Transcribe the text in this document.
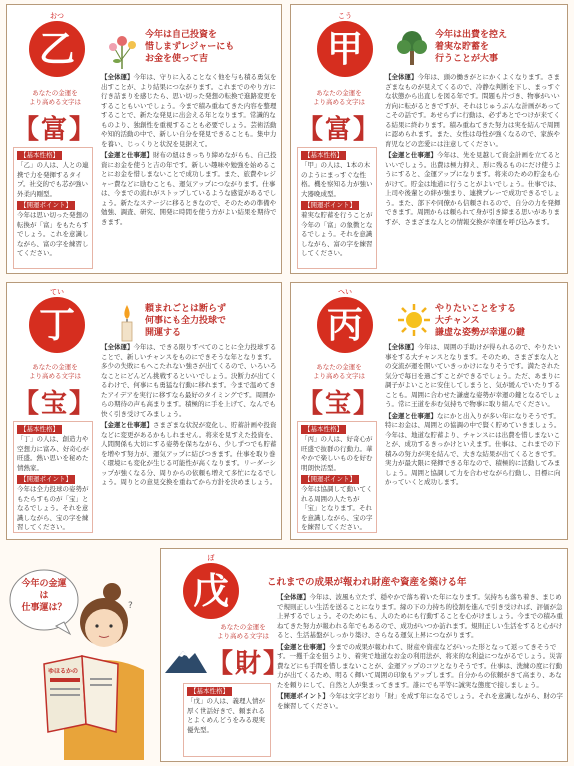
おつ
乙	今年は自己投資を
惜しまずレジャーにも
お金を使って吉
あなたの金運を
より高める文字は
【富】

【基本性格】
「乙」の人は、人との連携で力を発揮するタイプ。社交的でも芯が強い外柔内剛型。

【開運ポイント】
今年は思い切った発想の転換が「富」をもたらすでしょう。これを意識しながら、富の字を練習してください。

【全体運】今年は、守りに入ることなく他を与も積る勇気を出すことが、より結果につながります。これまでのやり方に行き詰まりを感じたら、思い切った発想の転換で進路変更をすることもいいでしょう。今まで積み重ねてきた内容を整理することで、新たな発見に出会える年となります。常識的なものより、独創性を重視することも必要でしょう。芸術活動や知的活動の中で、新しい自分を発見できることも。集中力を養い、じっくりと状況を見据えて。

【金運と仕事運】財布の紐はきっちり締めながらも、自己投資にお金を使うと吉の年です。新しい趣味や勉強を始めることにお金を惜しまないことで成功します。また、旅費やレジャー費などに励むことも、運気アップにつながります。仕事は、今までの流れがストップしているような感覚があるでしょう。新たなステージに移るときなので、そのための準備や勉強、調査、研究、開発に時間を使う方がよい結果を期待できます。

こう
甲	今年は出費を控え
着実な貯蓄を
行うことが大事
あなたの金運を
より高める文字は
【富】

【基本性格】
「甲」の人は、1本の木のようにまっすぐな性格。機を察知る力が強い大器晩成型。

【開運ポイント】
着実な貯蓄を行うことが今年の「富」の象徴となるでしょう。それを意識しながら、富の字を練習してください。

【全体運】今年は、頭の働きがとにかくよくなります。さまざまなものが見えてくるので、冷静な判断を下し、まっすぐな状態から出直しを図る年です。問題も片づき、物事がいい方向に転がるときですが、それはじゅうぶんな計画があってこその話です。あせらずに行動は、必ずあとでつけが来てくる結果に終わります。積み重ねてきた努力は実を結んで周囲に認められます。また、女性は母性が強くなるので、家族や育児などの恋愛には注意してください。

【金運と仕事運】今年は、先を見越して資金計画を立てるといいでしょう。出費は極力抑え、形に残るものにだけ使うようにすると、金運アップになります。将来のための貯金も心がけて。貯金は地道に行うことがよいでしょう。仕事では、上司や後輩との絆が強まり、連携プレーで成功できるでしょう。また、部下や同僚から信頼されるので、自分の力を発揮できます。周囲からは頼られて身が引き締まる思いがありますが、さまざまな人との情報交換が幸運を呼び込みます。

てい
丁	頼まれごとは断らず
何事にも全力投球で
開運する
あなたの金運を
より高める文字は
【宝】

【基本性格】
「丁」の人は、創造力や空想力に富み、好奇心が旺盛。熱い思いを秘めた情熱家。

【開運ポイント】
今年は全力投球の姿勢がもたらすものが「宝」となるでしょう。それを意識しながら、宝の字を練習してください。

【全体運】今年は、できる限りすべてのことに全力投球することで、新しいチャンスをものにできそうな年となります。多少の失敗にもへこたれない強さが出てくるので、いろいろなことにどんどん挑戦するといいでしょう。決断力が出てくるわけで、何事にも勇猛な行動に移れます。今まで温めてきたアイデアを実行に移すなら最好のタイミングです。周囲からの期待の声も高まります。積極的に手を上げて、なんでも快く引き受けてみましょう。

【金運と仕事運】さまざまな状況が変化し、貯蓄計画や投資などに変更があるかもしれません。将来を見すえた投資を、人間関係も大切にする姿勢を保ちながら、少しずつでも貯蓄を増やす努力が、運気アップに結びつきます。仕事を取り巻く環境にも変化が生じる可能性が高くなります。リーダーシップが強くなる分、周りからの依頼も増えて多忙になるでしょう。周りとの意見交換を重ねてから方針を決めましょう。

へい
丙	やりたいことをする
大チャンス
謙虚な姿勢が幸運の鍵
あなたの金運を
より高める文字は
【宝】

【基本性格】
「丙」の人は、好奇心が旺盛で抜群の行動力。華やかで楽しいものを好む明朗快活型。

【開運ポイント】
今年は協調して動いてくれる周囲の人たちが「宝」となります。それを意識しながら、宝の字を練習してください。

【全体運】今年は、周囲の手助けが得られるので、やりたい事をする大チャンスとなります。そのため、さまざまな人との交流が運を開いていきっかけになりそうです。満たされた気分で毎日を過ごすことができるでしょう。ただ、あまりに調子がよいことに安住してしまうと、気が緩んでいたりすることも。周囲に合わせた謙虚な姿勢が幸運の鍵となるでしょう。常に王道を歩む気持ちで物事に取り組んでください。

【金運と仕事運】なにかと出入りが多い年になりそうです。特にお金は、周囲との協調の中で賢く貯めていきましょう。今年は、地道な貯蓄より、チャンスには出費を惜しまないことが、成功するきっかけといえます。仕事は、これまでの下積みの努力が実を結んで、大きな結果が出てくるときです。実力が最大限に発揮できる年なので、積極的に活動してみましょう。周囲と協調して力を合わせながら行動し、目標に向かっていくと成功します。

?
今年の金運は
仕事運は？
ゆほるかの
ぼ
戊	これまでの成果が報われ財産や資産を築ける年
あなたの金運を
より高める文字は
【財】

【基本性格】
「戊」の人は、義理人情が厚く世話好きで、頼まれるとよくめんどうをみる現実優先型。

【全体運】今年は、波風も立たず、穏やかで落ち着いた年になります。気持ちも落ち着き、まじめで規則正しい生活を送ることになります。縁の下の力持ち的役割を進んで引き受ければ、評価が急上昇するでしょう。そのためにも、人のためにも行動することを心がけましょう。今までの積み重ねてきた努力が報われる年でもあるので、成功がいつか訪れます。規則正しい生活をすると心がけると、生活基盤がしっかり築け、さらなる運気上昇につながります。

【金運と仕事運】今までの成果が報われて、財産や資産などがいった形となって返ってきそうです。一攫千金を狙うより、着実で地道なお金の利用法が、将来的な利益につながるでしょう。災害費などにも手間を惜しまないことが、金運アップのコツとなりそうです。仕事は、洗練の度に行動力が出てくるため、明るく輝いて周囲の印象もアップします。自分からの依頼がきて高まり、あなたを頼りにして、自然と人が集まってきます。誰にでも平等に誠実な態度で接しましょう。

【開運ポイント】今年は文字どおり「財」を成す年になるでしょう。それを意識しながら、財の字を練習してください。
